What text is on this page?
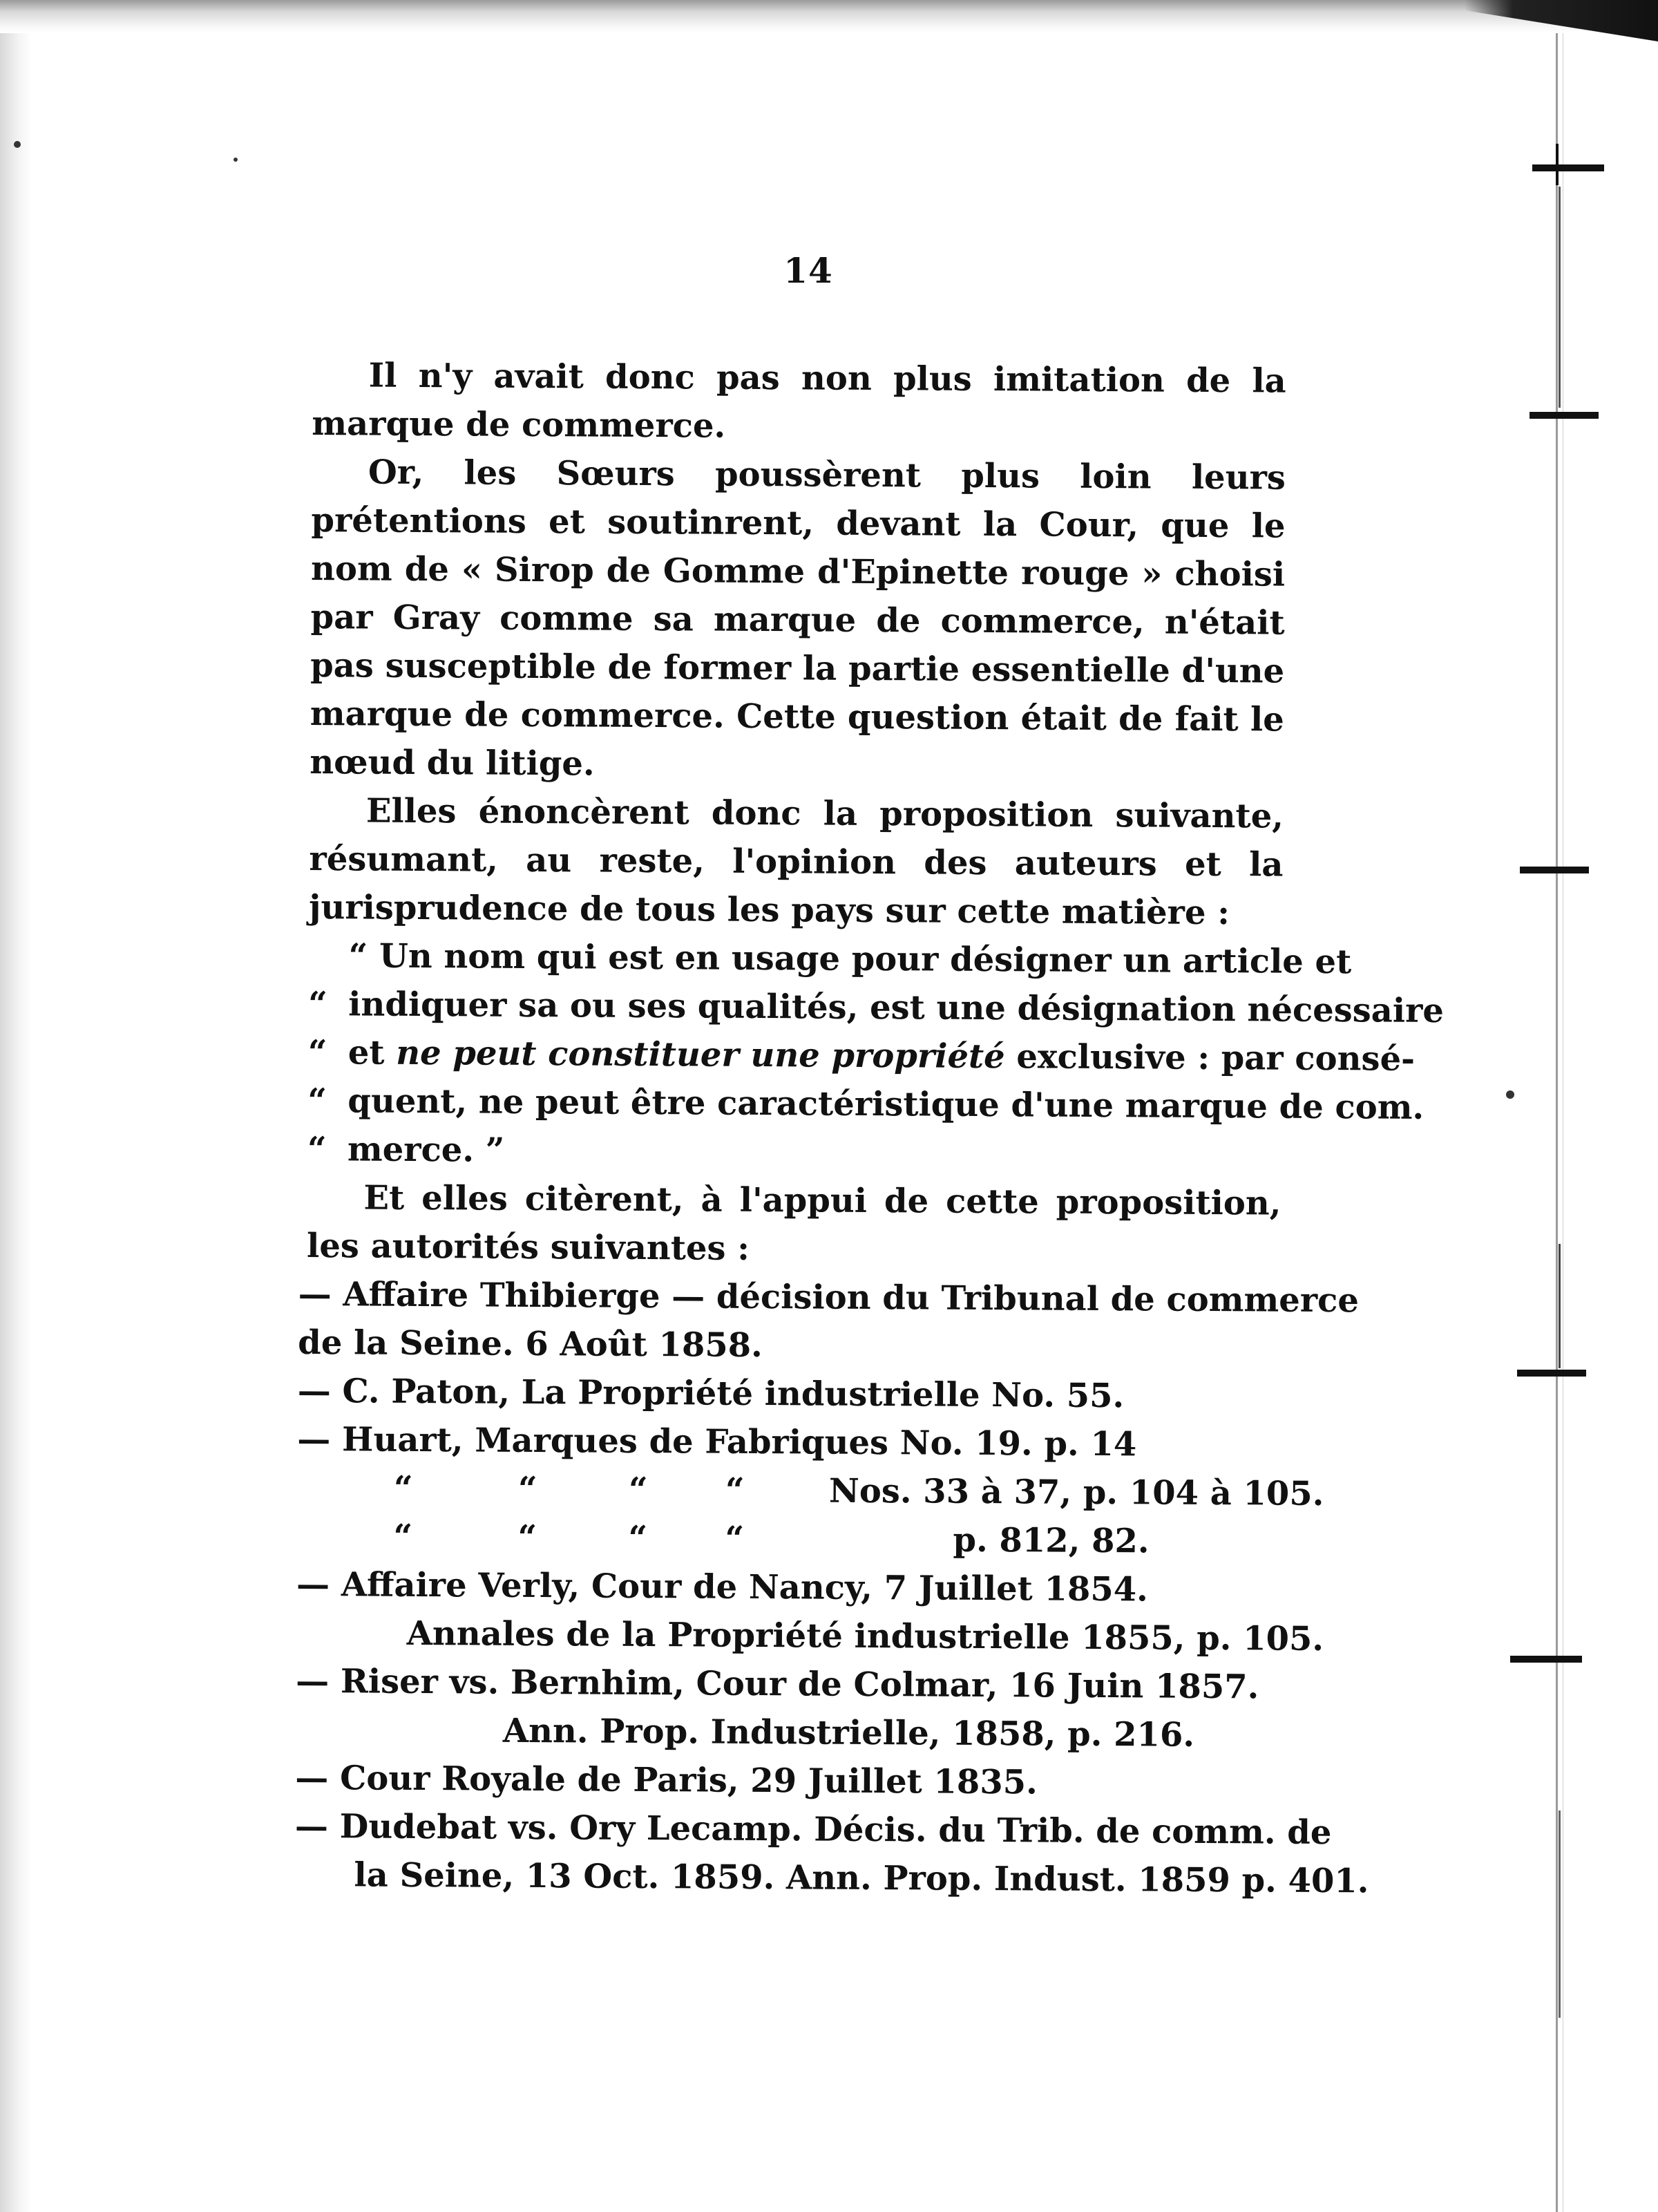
14
Il n'y avait donc pas non plus imitation de la marque de commerce.
Or, les Sœurs poussèrent plus loin leurs prétentions et soutinrent, devant la Cour, que le nom de « Sirop de Gomme d'Epinette rouge » choisi par Gray comme sa marque de commerce, n'était pas susceptible de former la partie essentielle d'une marque de commerce. Cette question était de fait le nœud du litige.
Elles énoncèrent donc la proposition suivante, résumant, au reste, l'opinion des auteurs et la jurisprudence de tous les pays sur cette matière :
“ Un nom qui est en usage pour désigner un article et
“ indiquer sa ou ses qualités, est une désignation nécessaire
“ et ne peut constituer une propriété exclusive : par consé-
“ quent, ne peut être caractéristique d'une marque de com.
“ merce. ”
Et elles citèrent, à l'appui de cette proposition, les autorités suivantes :
— Affaire Thibierge — décision du Tribunal de commerce
de la Seine. 6 Août 1858.
— C. Paton, La Propriété industrielle No. 55.
— Huart, Marques de Fabriques No. 19. p. 14
“	“	“ “	Nos. 33 à 37, p. 104 à 105.
“	“	“ “	p. 812, 82.
— Affaire Verly, Cour de Nancy, 7 Juillet 1854.
Annales de la Propriété industrielle 1855, p. 105.
— Riser vs. Bernhim, Cour de Colmar, 16 Juin 1857.
Ann. Prop. Industrielle, 1858, p. 216.
— Cour Royale de Paris, 29 Juillet 1835.
— Dudebat vs. Ory Lecamp. Décis. du Trib. de comm. de
la Seine, 13 Oct. 1859. Ann. Prop. Indust. 1859 p. 401.
